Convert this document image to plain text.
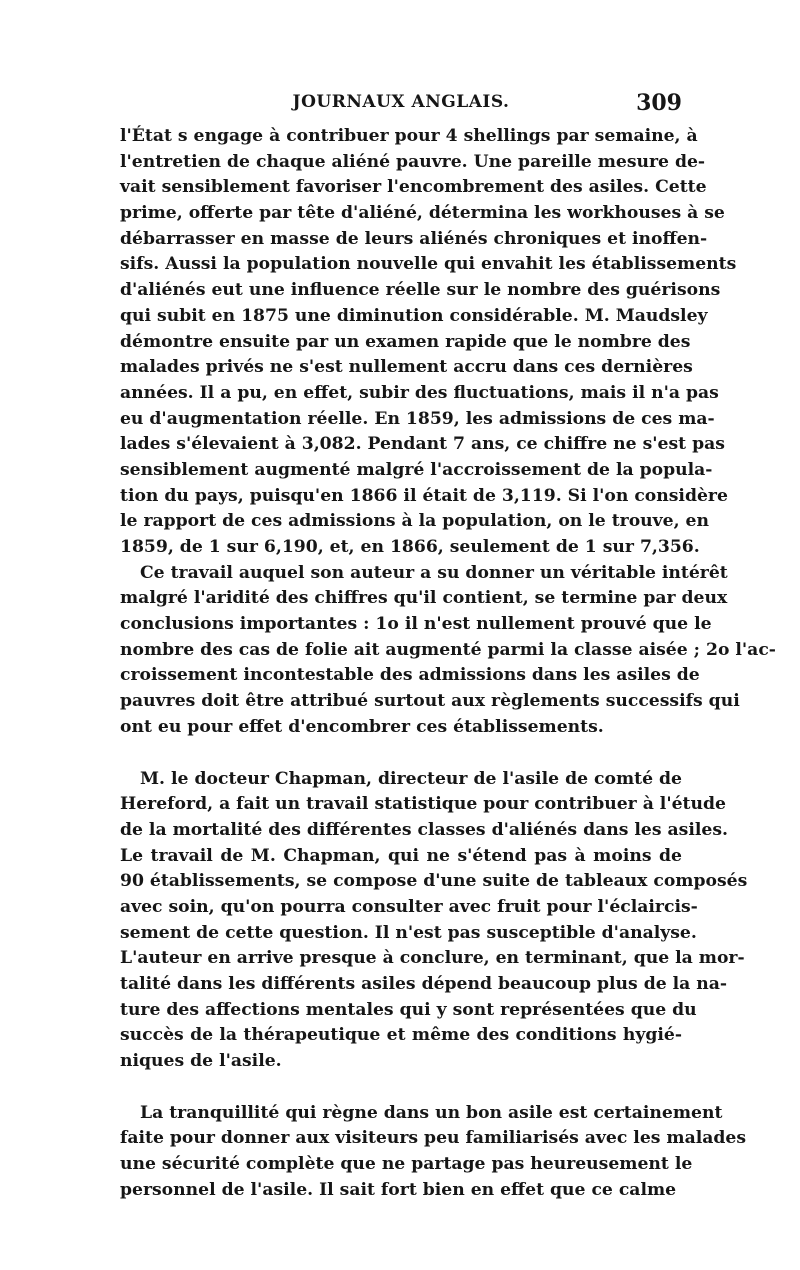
JOURNAUX ANGLAIS.	309
l'État s engage à contribuer pour 4 shellings par semaine, à
l'entretien de chaque aliéné pauvre. Une pareille mesure de-
vait sensiblement favoriser l'encombrement des asiles. Cette
prime, offerte par tête d'aliéné, détermina les workhouses à se
débarrasser en masse de leurs aliénés chroniques et inoffen-
sifs. Aussi la population nouvelle qui envahit les établissements
d'aliénés eut une influence réelle sur le nombre des guérisons
qui subit en 1875 une diminution considérable. M. Maudsley
démontre ensuite par un examen rapide que le nombre des
malades privés ne s'est nullement accru dans ces dernières
années. Il a pu, en effet, subir des fluctuations, mais il n'a pas
eu d'augmentation réelle. En 1859, les admissions de ces ma-
lades s'élevaient à 3,082. Pendant 7 ans, ce chiffre ne s'est pas
sensiblement augmenté malgré l'accroissement de la popula-
tion du pays, puisqu'en 1866 il était de 3,119. Si l'on considère
le rapport de ces admissions à la population, on le trouve, en
1859, de 1 sur 6,190, et, en 1866, seulement de 1 sur 7,356.
Ce travail auquel son auteur a su donner un véritable intérêt
malgré l'aridité des chiffres qu'il contient, se termine par deux
conclusions importantes : 1o il n'est nullement prouvé que le
nombre des cas de folie ait augmenté parmi la classe aisée ; 2o l'ac-
croissement incontestable des admissions dans les asiles de
pauvres doit être attribué surtout aux règlements successifs qui
ont eu pour effet d'encombrer ces établissements.
M. le docteur Chapman, directeur de l'asile de comté de
Hereford, a fait un travail statistique pour contribuer à l'étude
de la mortalité des différentes classes d'aliénés dans les asiles.
Le travail de M. Chapman, qui ne s'étend pas à moins de
90 établissements, se compose d'une suite de tableaux composés
avec soin, qu'on pourra consulter avec fruit pour l'éclaircis-
sement de cette question. Il n'est pas susceptible d'analyse.
L'auteur en arrive presque à conclure, en terminant, que la mor-
talité dans les différents asiles dépend beaucoup plus de la na-
ture des affections mentales qui y sont représentées que du
succès de la thérapeutique et même des conditions hygié-
niques de l'asile.
La tranquillité qui règne dans un bon asile est certainement
faite pour donner aux visiteurs peu familiarisés avec les malades
une sécurité complète que ne partage pas heureusement le
personnel de l'asile. Il sait fort bien en effet que ce calme
